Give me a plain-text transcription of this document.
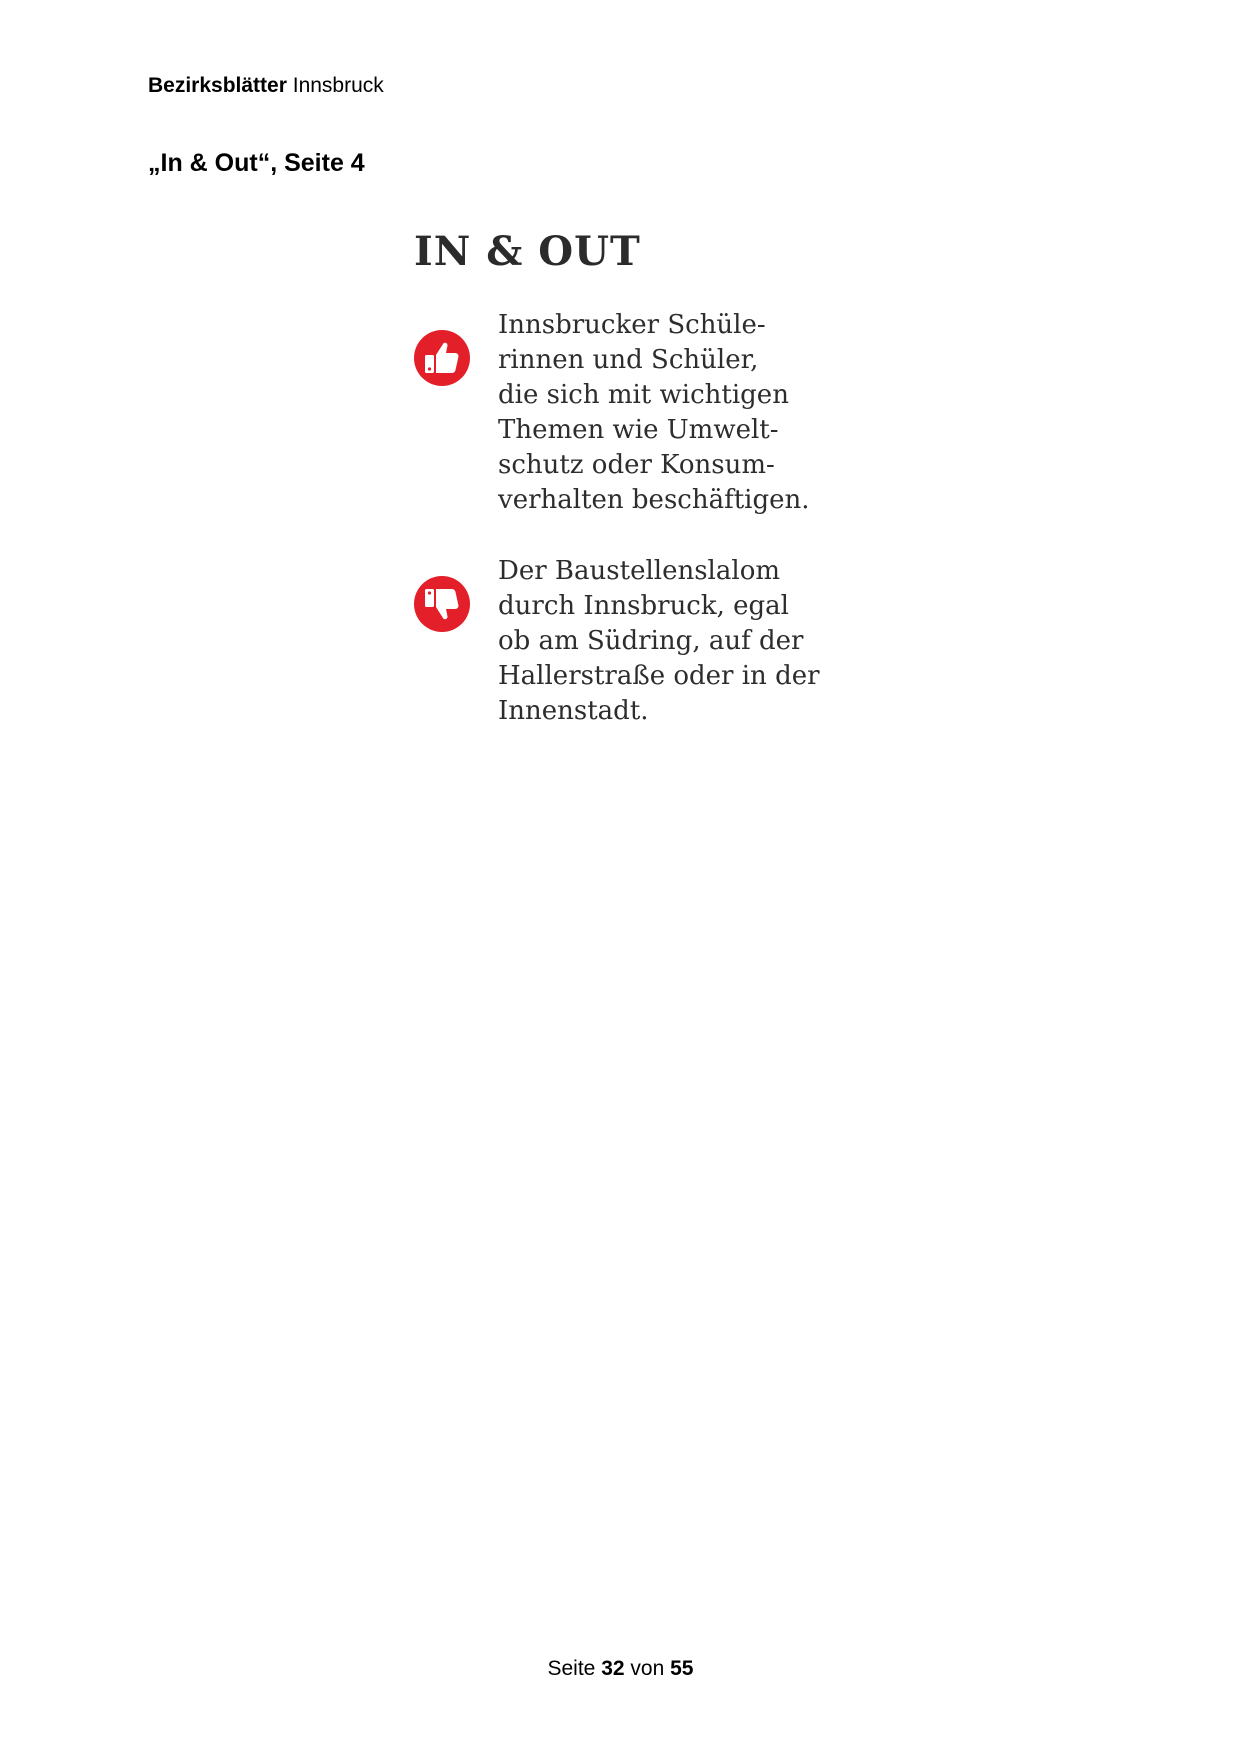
Bezirksblätter Innsbruck
„In & Out“, Seite 4
IN & OUT
Innsbrucker Schüle-
rinnen und Schüler,
die sich mit wichtigen
Themen wie Umwelt-
schutz oder Konsum-
verhalten beschäftigen.
Der Baustellenslalom
durch Innsbruck, egal
ob am Südring, auf der
Hallerstraße oder in der
Innenstadt.
Seite 32 von 55
